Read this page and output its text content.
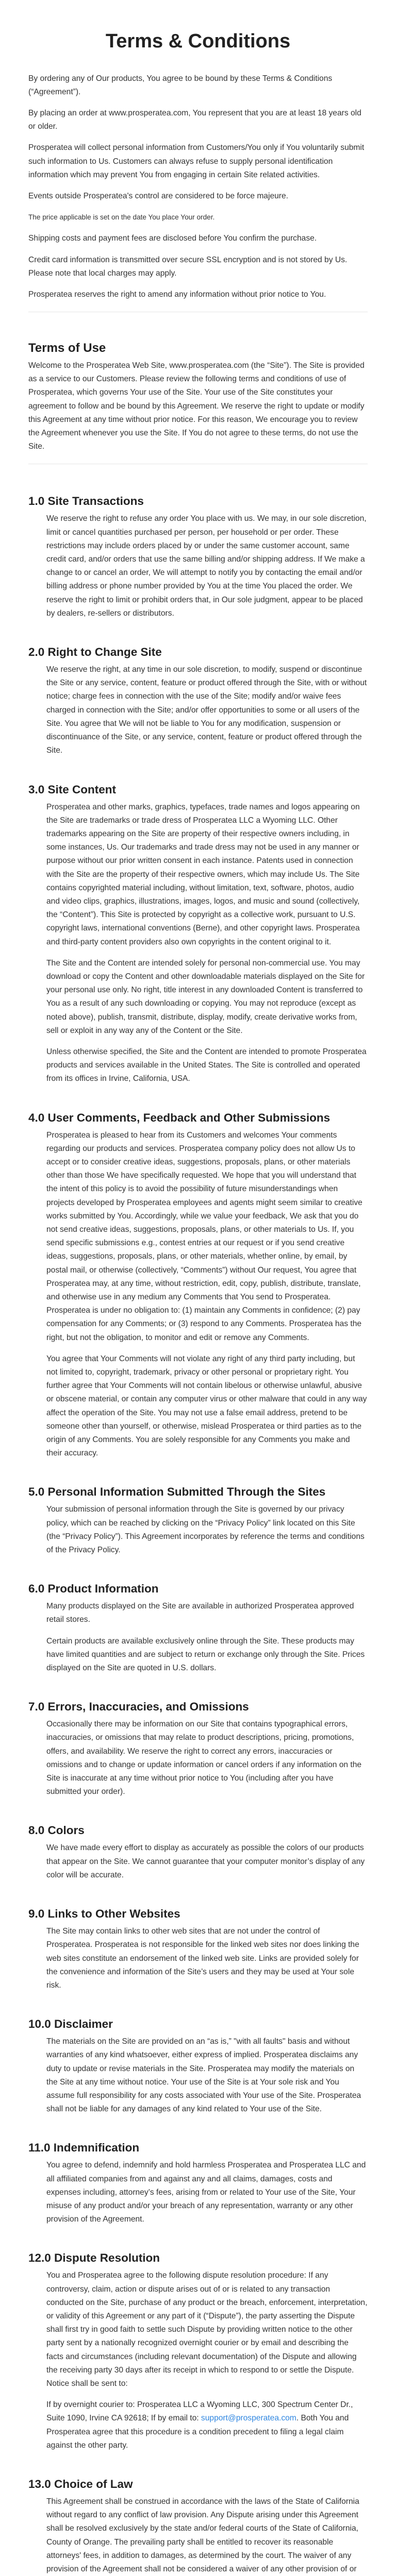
Terms & Conditions

By ordering any of Our products, You agree to be bound by these Terms & Conditions (“Agreement”).

By placing an order at www.prosperatea.com, You represent that you are at least 18 years old or older.

Prosperatea will collect personal information from Customers/You only if You voluntarily submit such information to Us. Customers can always refuse to supply personal identification information which may prevent You from engaging in certain Site related activities.

Events outside Prosperatea's control are considered to be force majeure.

The price applicable is set on the date You place Your order.

Shipping costs and payment fees are disclosed before You confirm the purchase.

Credit card information is transmitted over secure SSL encryption and is not stored by Us. Please note that local charges may apply.

Prosperatea reserves the right to amend any information without prior notice to You.

Terms of Use

Welcome to the Prosperatea Web Site, www.prosperatea.com (the “Site”). The Site is provided as a service to our Customers. Please review the following terms and conditions of use of Prosperatea, which governs Your use of the Site. Your use of the Site constitutes your agreement to follow and be bound by this Agreement. We reserve the right to update or modify this Agreement at any time without prior notice. For this reason, We encourage you to review the Agreement whenever you use the Site. If You do not agree to these terms, do not use the Site.

1.0 Site Transactions

We reserve the right to refuse any order You place with us. We may, in our sole discretion, limit or cancel quantities purchased per person, per household or per order. These restrictions may include orders placed by or under the same customer account, same credit card, and/or orders that use the same billing and/or shipping address. If We make a change to or cancel an order, We will attempt to notify you by contacting the email and/or billing address or phone number provided by You at the time You placed the order. We reserve the right to limit or prohibit orders that, in Our sole judgment, appear to be placed by dealers, re-sellers or distributors.

2.0 Right to Change Site

We reserve the right, at any time in our sole discretion, to modify, suspend or discontinue the Site or any service, content, feature or product offered through the Site, with or without notice; charge fees in connection with the use of the Site; modify and/or waive fees charged in connection with the Site; and/or offer opportunities to some or all users of the Site. You agree that We will not be liable to You for any modification, suspension or discontinuance of the Site, or any service, content, feature or product offered through the Site.

3.0 Site Content

Prosperatea and other marks, graphics, typefaces, trade names and logos appearing on the Site are trademarks or trade dress of Prosperatea LLC a Wyoming LLC. Other trademarks appearing on the Site are property of their respective owners including, in some instances, Us. Our trademarks and trade dress may not be used in any manner or purpose without our prior written consent in each instance. Patents used in connection with the Site are the property of their respective owners, which may include Us. The Site contains copyrighted material including, without limitation, text, software, photos, audio and video clips, graphics, illustrations, images, logos, and music and sound (collectively, the “Content”). This Site is protected by copyright as a collective work, pursuant to U.S. copyright laws, international conventions (Berne), and other copyright laws. Prosperatea and third-party content providers also own copyrights in the content original to it.

The Site and the Content are intended solely for personal non-commercial use. You may download or copy the Content and other downloadable materials displayed on the Site for your personal use only. No right, title interest in any downloaded Content is transferred to You as a result of any such downloading or copying. You may not reproduce (except as noted above), publish, transmit, distribute, display, modify, create derivative works from, sell or exploit in any way any of the Content or the Site.

Unless otherwise specified, the Site and the Content are intended to promote Prosperatea products and services available in the United States. The Site is controlled and operated from its offices in Irvine, California, USA.

4.0 User Comments, Feedback and Other Submissions

Prosperatea is pleased to hear from its Customers and welcomes Your comments regarding our products and services. Prosperatea company policy does not allow Us to accept or to consider creative ideas, suggestions, proposals, plans, or other materials other than those We have specifically requested. We hope that you will understand that the intent of this policy is to avoid the possibility of future misunderstandings when projects developed by Prosperatea employees and agents might seem similar to creative works submitted by You. Accordingly, while we value your feedback, We ask that you do not send creative ideas, suggestions, proposals, plans, or other materials to Us. If, you send specific submissions e.g., contest entries at our request or if you send creative ideas, suggestions, proposals, plans, or other materials, whether online, by email, by postal mail, or otherwise (collectively, “Comments”) without Our request, You agree that Prosperatea may, at any time, without restriction, edit, copy, publish, distribute, translate, and otherwise use in any medium any Comments that You send to Prosperatea. Prosperatea is under no obligation to: (1) maintain any Comments in confidence; (2) pay compensation for any Comments; or (3) respond to any Comments. Prosperatea has the right, but not the obligation, to monitor and edit or remove any Comments.

You agree that Your Comments will not violate any right of any third party including, but not limited to, copyright, trademark, privacy or other personal or proprietary right. You further agree that Your Comments will not contain libelous or otherwise unlawful, abusive or obscene material, or contain any computer virus or other malware that could in any way affect the operation of the Site. You may not use a false email address, pretend to be someone other than yourself, or otherwise, mislead Prosperatea or third parties as to the origin of any Comments. You are solely responsible for any Comments you make and their accuracy.

5.0 Personal Information Submitted Through the Sites

Your submission of personal information through the Site is governed by our privacy policy, which can be reached by clicking on the “Privacy Policy” link located on this Site (the “Privacy Policy”). This Agreement incorporates by reference the terms and conditions of the Privacy Policy.

6.0 Product Information

Many products displayed on the Site are available in authorized Prosperatea approved retail stores.

Certain products are available exclusively online through the Site. These products may have limited quantities and are subject to return or exchange only through the Site. Prices displayed on the Site are quoted in U.S. dollars.

7.0 Errors, Inaccuracies, and Omissions

Occasionally there may be information on our Site that contains typographical errors, inaccuracies, or omissions that may relate to product descriptions, pricing, promotions, offers, and availability. We reserve the right to correct any errors, inaccuracies or omissions and to change or update information or cancel orders if any information on the Site is inaccurate at any time without prior notice to You (including after you have submitted your order).

8.0 Colors

We have made every effort to display as accurately as possible the colors of our products that appear on the Site. We cannot guarantee that your computer monitor’s display of any color will be accurate.

9.0 Links to Other Websites

The Site may contain links to other web sites that are not under the control of Prosperatea. Prosperatea is not responsible for the linked web sites nor does linking the web sites constitute an endorsement of the linked web site. Links are provided solely for the convenience and information of the Site’s users and they may be used at Your sole risk.

10.0 Disclaimer

The materials on the Site are provided on an “as is,” "with all faults" basis and without warranties of any kind whatsoever, either express of implied. Prosperatea disclaims any duty to update or revise materials in the Site. Prosperatea may modify the materials on the Site at any time without notice. Your use of the Site is at Your sole risk and You assume full responsibility for any costs associated with Your use of the Site. Prosperatea shall not be liable for any damages of any kind related to Your use of the Site.

11.0 Indemnification

You agree to defend, indemnify and hold harmless Prosperatea and Prosperatea LLC and all affiliated companies from and against any and all claims, damages, costs and expenses including, attorney’s fees, arising from or related to Your use of the Site, Your misuse of any product and/or your breach of any representation, warranty or any other provision of the Agreement.

12.0 Dispute Resolution

You and Prosperatea agree to the following dispute resolution procedure: If any controversy, claim, action or dispute arises out of or is related to any transaction conducted on the Site, purchase of any product or the breach, enforcement, interpretation, or validity of this Agreement or any part of it (“Dispute”), the party asserting the Dispute shall first try in good faith to settle such Dispute by providing written notice to the other party sent by a nationally recognized overnight courier or by email and describing the facts and circumstances (including relevant documentation) of the Dispute and allowing the receiving party 30 days after its receipt in which to respond to or settle the Dispute. Notice shall be sent to:

If by overnight courier to: Prosperatea LLC a Wyoming LLC, 300 Spectrum Center Dr., Suite 1090, Irvine CA 92618; If by email to: support@prosperatea.com. Both You and Prosperatea agree that this procedure is a condition precedent to filing a legal claim against the other party.

13.0 Choice of Law

This Agreement shall be construed in accordance with the laws of the State of California without regard to any conflict of law provision. Any Dispute arising under this Agreement shall be resolved exclusively by the state and/or federal courts of the State of California, County of Orange. The prevailing party shall be entitled to recover its reasonable attorneys' fees, in addition to damages, as determined by the court. The waiver of any provision of the Agreement shall not be considered a waiver of any other provision of or
